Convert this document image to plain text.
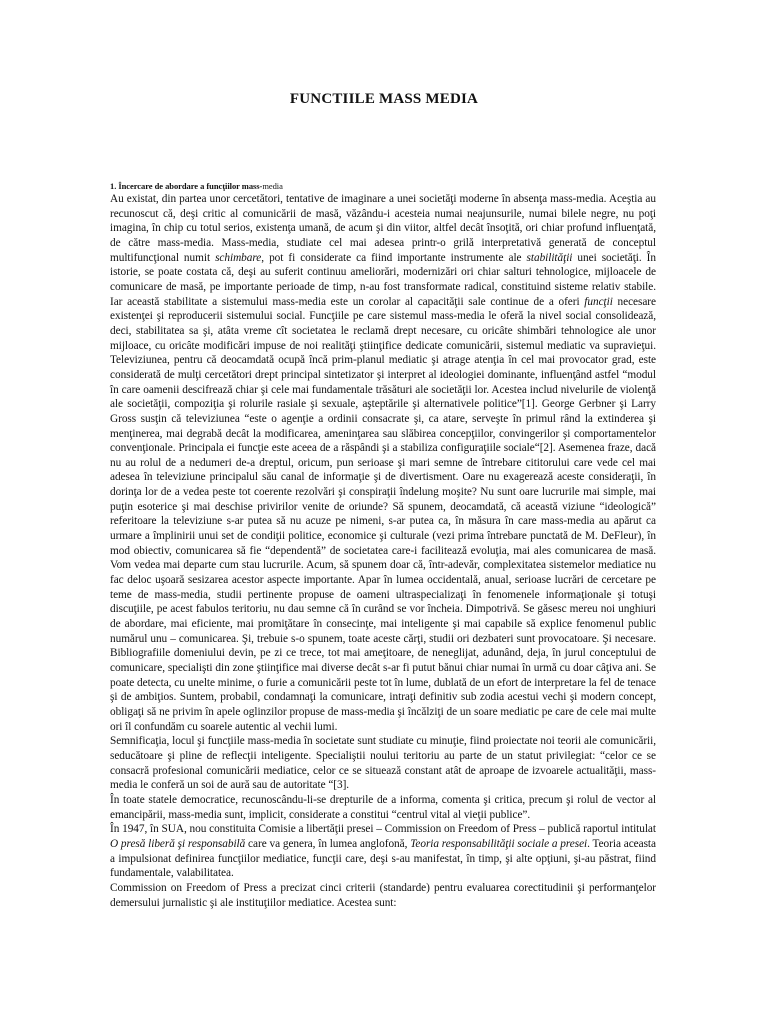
FUNCTIILE MASS MEDIA
1. Încercare de abordare a funcţiilor mass-media

Au existat, din partea unor cercetători, tentative de imaginare a unei societăţi moderne în absenţa mass-media. Aceştia au recunoscut că, deşi critic al comunicării de masă, văzându-i acesteia numai neajunsurile, numai bilele negre, nu poţi imagina, în chip cu totul serios, existenţa umană, de acum şi din viitor, altfel decât însoţită, ori chiar profund influenţată, de către mass-media. Mass-media, studiate cel mai adesea printr-o grilă interpretativă generată de conceptul multifuncţional numit schimbare, pot fi considerate ca fiind importante instrumente ale stabilităţii unei societăţi. În istorie, se poate costata că, deşi au suferit continuu ameliorări, modernizări ori chiar salturi tehnologice, mijloacele de comunicare de masă, pe importante perioade de timp, n-au fost transformate radical, constituind sisteme relativ stabile. Iar această stabilitate a sistemului mass-media este un corolar al capacităţii sale continue de a oferi funcţii necesare existenţei şi reproducerii sistemului social. Funcţiile pe care sistemul mass-media le oferă la nivel social consolidează, deci, stabilitatea sa şi, atâta vreme cît societatea le reclamă drept necesare, cu oricâte shimbări tehnologice ale unor mijloace, cu oricâte modificări impuse de noi realităţi ştiinţifice dedicate comunicării, sistemul mediatic va supravieţui. Televiziunea, pentru că deocamdată ocupă încă prim-planul mediatic şi atrage atenţia în cel mai provocator grad, este considerată de mulţi cercetători drept principal sintetizator şi interpret al ideologiei dominante, influenţând astfel “modul în care oamenii descifrează chiar şi cele mai fundamentale trăsături ale societăţii lor. Acestea includ nivelurile de violenţă ale societăţii, compoziţia şi rolurile rasiale şi sexuale, aşteptările şi alternativele politice”[1]. George Gerbner şi Larry Gross susţin că televiziunea “este o agenţie a ordinii consacrate şi, ca atare, serveşte în primul rând la extinderea şi menţinerea, mai degrabă decât la modificarea, ameninţarea sau slăbirea concepţiilor, convingerilor şi comportamentelor convenţionale. Principala ei funcţie este aceea de a răspândi şi a stabiliza configuraţiile sociale“[2]. Asemenea fraze, dacă nu au rolul de a nedumeri de-a dreptul, oricum, pun serioase şi mari semne de întrebare cititorului care vede cel mai adesea în televiziune principalul său canal de informaţie şi de divertisment. Oare nu exagerează aceste consideraţii, în dorinţa lor de a vedea peste tot coerente rezolvări şi conspiraţii îndelung moşite? Nu sunt oare lucrurile mai simple, mai puţin esoterice şi mai deschise privirilor venite de oriunde? Să spunem, deocamdată, că această viziune “ideologică” referitoare la televiziune s-ar putea să nu acuze pe nimeni, s-ar putea ca, în măsura în care mass-media au apărut ca urmare a împlinirii unui set de condiţii politice, economice şi culturale (vezi prima întrebare punctată de M. DeFleur), în mod obiectiv, comunicarea să fie “dependentă” de societatea care-i facilitează evoluţia, mai ales comunicarea de masă. Vom vedea mai departe cum stau lucrurile. Acum, să spunem doar că, într-adevăr, complexitatea sistemelor mediatice nu fac deloc uşoară sesizarea acestor aspecte importante. Apar în lumea occidentală, anual, serioase lucrări de cercetare pe teme de mass-media, studii pertinente propuse de oameni ultraspecializaţi în fenomenele informaţionale şi totuşi discuţiile, pe acest fabulos teritoriu, nu dau semne că în curând se vor încheia. Dimpotrivă. Se găsesc mereu noi unghiuri de abordare, mai eficiente, mai promiţătare în consecinţe, mai inteligente şi mai capabile să explice fenomenul public numărul unu – comunicarea. Şi, trebuie s-o spunem, toate aceste cărţi, studii ori dezbateri sunt provocatoare. Şi necesare. Bibliografiile domeniului devin, pe zi ce trece, tot mai ameţitoare, de neneglijat, adunând, deja, în jurul conceptului de comunicare, specialişti din zone ştiinţifice mai diverse decât s-ar fi putut bănui chiar numai în urmă cu doar câţiva ani. Se poate detecta, cu unelte minime, o furie a comunicării peste tot în lume, dublată de un efort de interpretare la fel de tenace şi de ambiţios. Suntem, probabil, condamnaţi la comunicare, intraţi definitiv sub zodia acestui vechi şi modern concept, obligaţi să ne privim în apele oglinzilor propuse de mass-media şi încălziţi de un soare mediatic pe care de cele mai multe ori îl confundăm cu soarele autentic al vechii lumi.

Semnificaţia, locul şi funcţiile mass-media în societate sunt studiate cu minuţie, fiind proiectate noi teorii ale comunicării, seducătoare şi pline de reflecţii inteligente. Specialiştii noului teritoriu au parte de un statut privilegiat: “celor ce se consacră profesional comunicării mediatice, celor ce se situează constant atât de aproape de izvoarele actualităţii, mass-media le conferă un soi de aură sau de autoritate “[3].

În toate statele democratice, recunoscându-li-se drepturile de a informa, comenta şi critica, precum şi rolul de vector al emancipării, mass-media sunt, implicit, considerate a constitui “centrul vital al vieţii publice”.

În 1947, în SUA, nou constituita Comisie a libertăţii presei – Commission on Freedom of Press – publică raportul intitulat O presă liberă şi responsabilă care va genera, în lumea anglofonă, Teoria responsabilităţii sociale a presei. Teoria aceasta a impulsionat definirea funcţiilor mediatice, funcţii care, deşi s-au manifestat, în timp, şi alte opţiuni, şi-au păstrat, fiind fundamentale, valabilitatea.

Commission on Freedom of Press a precizat cinci criterii (standarde) pentru evaluarea corectitudinii şi performanţelor demersului jurnalistic şi ale instituţiilor mediatice. Acestea sunt:
